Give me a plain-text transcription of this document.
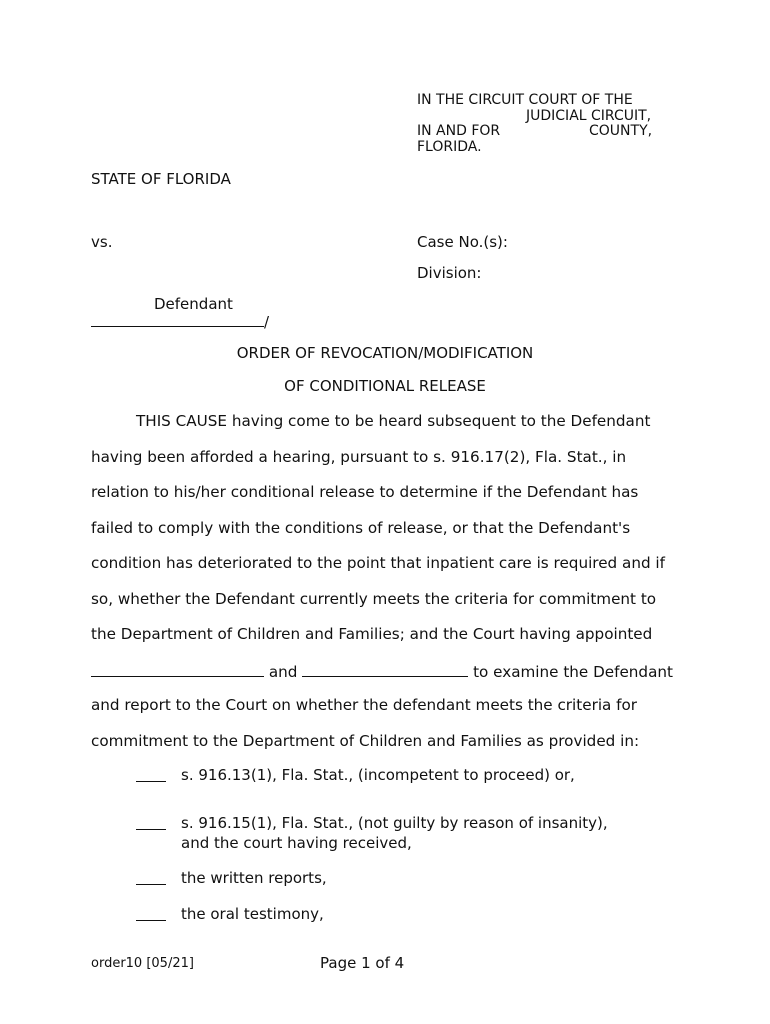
IN THE CIRCUIT COURT OF THE
JUDICIAL CIRCUIT,
IN AND FOR	COUNTY,
FLORIDA.
STATE OF FLORIDA
vs.	Case No.(s):
Division:
Defendant
/
ORDER OF REVOCATION/MODIFICATION
OF CONDITIONAL RELEASE
THIS CAUSE having come to be heard subsequent to the Defendant
having been afforded a hearing, pursuant to s. 916.17(2), Fla. Stat., in
relation to his/her conditional release to determine if the Defendant has
failed to comply with the conditions of release, or that the Defendant's
condition has deteriorated to the point that inpatient care is required and if
so, whether the Defendant currently meets the criteria for commitment to
the Department of Children and Families; and the Court having appointed
and	to examine the Defendant
and report to the Court on whether the defendant meets the criteria for
commitment to the Department of Children and Families as provided in:
s. 916.13(1), Fla. Stat., (incompetent to proceed) or,
s. 916.15(1), Fla. Stat., (not guilty by reason of insanity),
and the court having received,
the written reports,
the oral testimony,
order10 [05/21]	Page 1 of 4
